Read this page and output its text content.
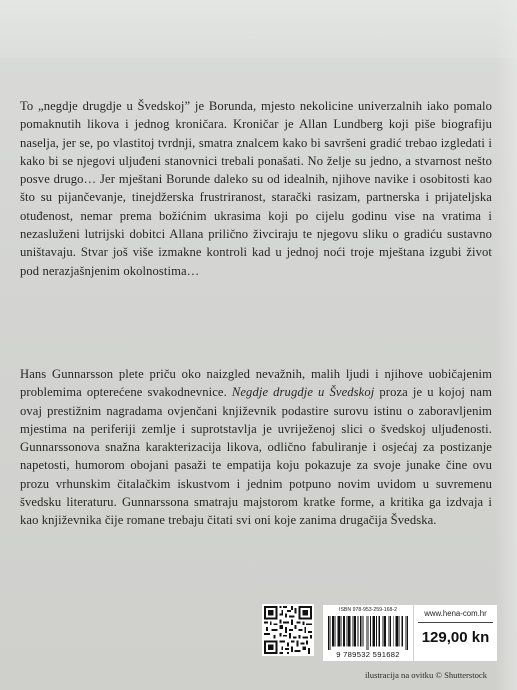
To „negdje drugdje u Švedskoj” je Borunda, mjesto nekolicine univerzalnih iako pomalo pomaknutih likova i jednog kroničara. Kroničar je Allan Lundberg koji piše biografiju naselja, jer se, po vlastitoj tvrdnji, smatra znalcem kako bi savršeni gradić trebao izgledati i kako bi se njegovi uljuđeni stanovnici trebali ponašati. No želje su jedno, a stvarnost nešto posve drugo… Jer mještani Borunde daleko su od idealnih, njihove navike i osobitosti kao što su pijančevanje, tinejdžerska frustriranost, starački rasizam, partnerska i prijateljska otuđenost, nemar prema božićnim ukrasima koji po cijelu godinu vise na vratima i nezasluženi lutrijski dobitci Allana prilično živciraju te njegovu sliku o gradiću sustavno uništavaju. Stvar još više izmakne kontroli kad u jednoj noći troje mještana izgubi život pod nerazjašnjenim okolnostima…

Hans Gunnarsson plete priču oko naizgled nevažnih, malih ljudi i njihove uobičajenim problemima opterećene svakodnevnice. Negdje drugdje u Švedskoj proza je u kojoj nam ovaj prestižnim nagradama ovjenčani književnik podastire surovu istinu o zaboravljenim mjestima na periferiji zemlje i suprotstavlja je uvriježenoj slici o švedskoj uljuđenosti. Gunnarssonova snažna karakterizacija likova, odlično fabuliranje i osjećaj za postizanje napetosti, humorom obojani pasaži te empatija koju pokazuje za svoje junake čine ovu prozu vrhunskim čitalačkim iskustvom i jednim potpuno novim uvidom u suvremenu švedsku literaturu. Gunnarssona smatraju majstorom kratke forme, a kritika ga izdvaja i kao književnika čije romane trebaju čitati svi oni koje zanima drugačija Švedska.

ISBN 978-953-259-168-2
9 789532 591682
www.hena-com.hr
129,00 kn
ilustracija na ovitku © Shutterstock
